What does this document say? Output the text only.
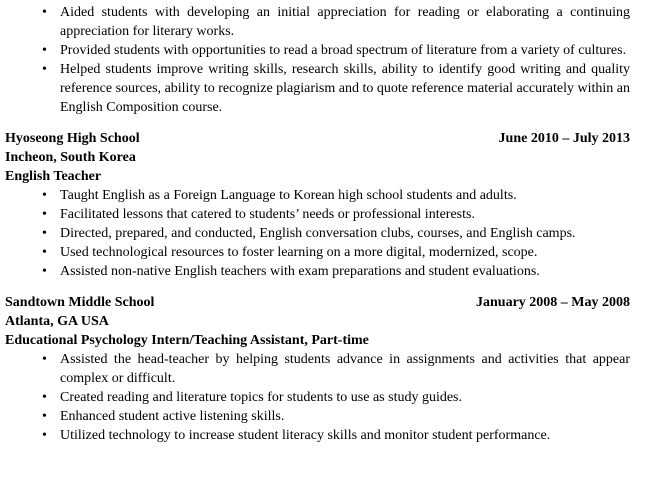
• Aided students with developing an initial appreciation for reading or elaborating a continuing appreciation for literary works.
• Provided students with opportunities to read a broad spectrum of literature from a variety of cultures.
• Helped students improve writing skills, research skills, ability to identify good writing and quality reference sources, ability to recognize plagiarism and to quote reference material accurately within an English Composition course.
Hyoseong High School	June 2010 – July 2013
Incheon, South Korea
English Teacher
• Taught English as a Foreign Language to Korean high school students and adults.
• Facilitated lessons that catered to students’ needs or professional interests.
• Directed, prepared, and conducted, English conversation clubs, courses, and English camps.
• Used technological resources to foster learning on a more digital, modernized, scope.
• Assisted non-native English teachers with exam preparations and student evaluations.
Sandtown Middle School	January 2008 – May 2008
Atlanta, GA USA
Educational Psychology Intern/Teaching Assistant, Part-time
• Assisted the head-teacher by helping students advance in assignments and activities that appear complex or difficult.
• Created reading and literature topics for students to use as study guides.
• Enhanced student active listening skills.
• Utilized technology to increase student literacy skills and monitor student performance.
